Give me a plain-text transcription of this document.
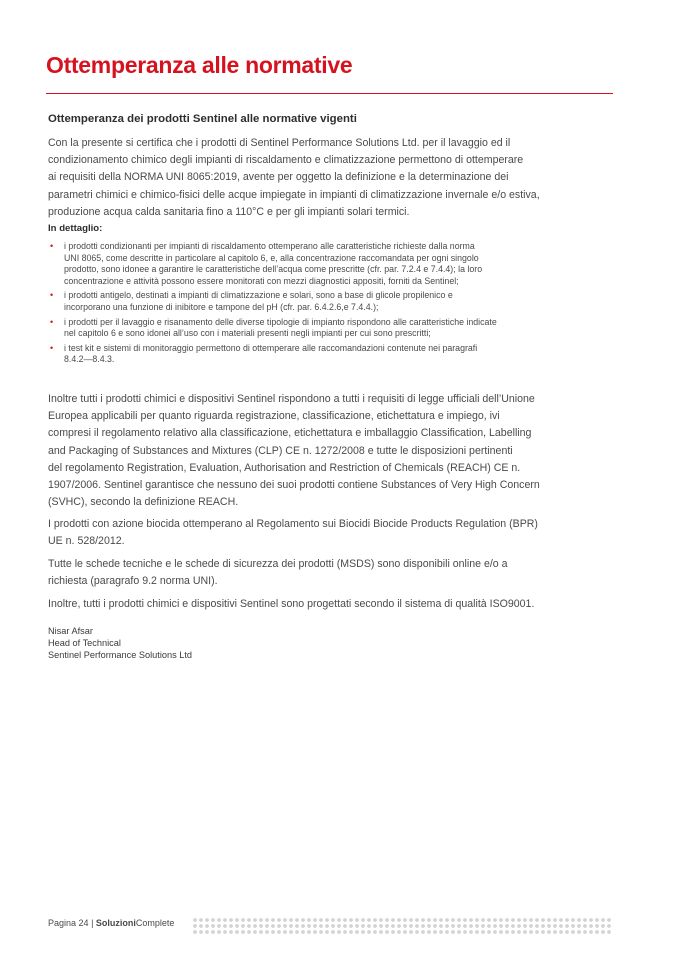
Ottemperanza alle normative
Ottemperanza dei prodotti Sentinel alle normative vigenti

Con la presente si certifica che i prodotti di Sentinel Performance Solutions Ltd. per il lavaggio ed il
condizionamento chimico degli impianti di riscaldamento e climatizzazione permettono di ottemperare
ai requisiti della NORMA UNI 8065:2019, avente per oggetto la definizione e la determinazione dei
parametri chimici e chimico-fisici delle acque impiegate in impianti di climatizzazione invernale e/o estiva,
produzione acqua calda sanitaria fino a 110°C e per gli impianti solari termici.

In dettaglio:
• i prodotti condizionanti per impianti di riscaldamento ottemperano alle caratteristiche richieste dalla norma
UNI 8065, come descritte in particolare al capitolo 6, e, alla concentrazione raccomandata per ogni singolo
prodotto, sono idonee a garantire le caratteristiche dell’acqua come prescritte (cfr. par. 7.2.4 e 7.4.4); la loro
concentrazione e attività possono essere monitorati con mezzi diagnostici appositi, forniti da Sentinel;
• i prodotti antigelo, destinati a impianti di climatizzazione e solari, sono a base di glicole propilenico e
incorporano una funzione di inibitore e tampone del pH (cfr. par. 6.4.2.6,e 7.4.4.);
• i prodotti per il lavaggio e risanamento delle diverse tipologie di impianto rispondono alle caratteristiche indicate
nel capitolo 6 e sono idonei all’uso con i materiali presenti negli impianti per cui sono prescritti;
• i test kit e sistemi di monitoraggio permettono di ottemperare alle raccomandazioni contenute nei paragrafi
8.4.2—8.4.3.

Inoltre tutti i prodotti chimici e dispositivi Sentinel rispondono a tutti i requisiti di legge ufficiali dell’Unione
Europea applicabili per quanto riguarda registrazione, classificazione, etichettatura e impiego, ivi
compresi il regolamento relativo alla classificazione, etichettatura e imballaggio Classification, Labelling
and Packaging of Substances and Mixtures (CLP) CE n. 1272/2008 e tutte le disposizioni pertinenti
del regolamento Registration, Evaluation, Authorisation and Restriction of Chemicals (REACH) CE n.
1907/2006. Sentinel garantisce che nessuno dei suoi prodotti contiene Substances of Very High Concern
(SVHC), secondo la definizione REACH.

I prodotti con azione biocida ottemperano al Regolamento sui Biocidi Biocide Products Regulation (BPR)
UE n. 528/2012.

Tutte le schede tecniche e le schede di sicurezza dei prodotti (MSDS) sono disponibili online e/o a
richiesta (paragrafo 9.2 norma UNI).

Inoltre, tutti i prodotti chimici e dispositivi Sentinel sono progettati secondo il sistema di qualità ISO9001.

Nisar Afsar
Head of Technical
Sentinel Performance Solutions Ltd
Pagina 24 | SoluzioniComplete
